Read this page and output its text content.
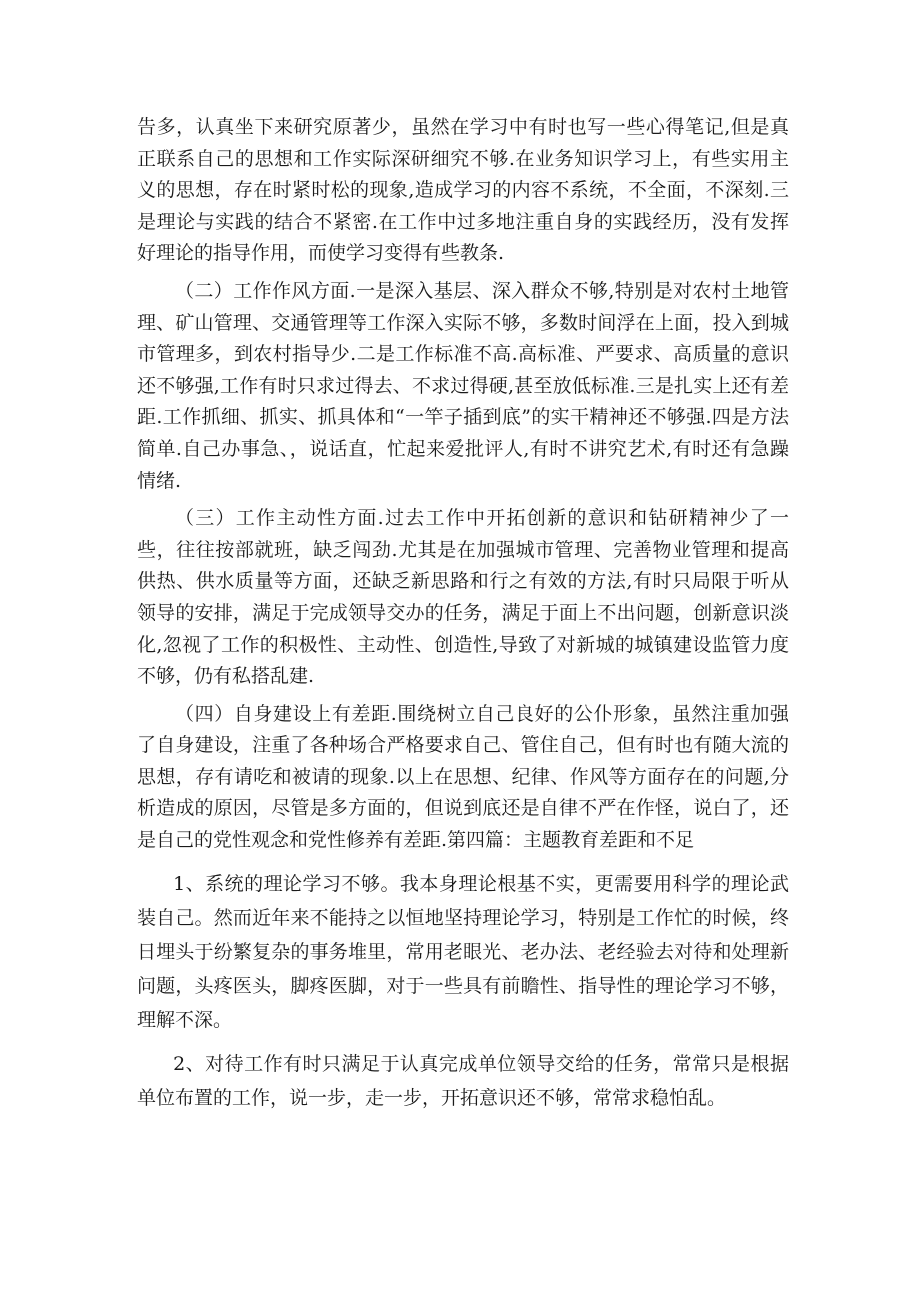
告多，认真坐下来研究原著少，虽然在学习中有时也写一些心得笔记,但是真正联系自己的思想和工作实际深研细究不够.在业务知识学习上，有些实用主义的思想，存在时紧时松的现象,造成学习的内容不系统，不全面，不深刻.三是理论与实践的结合不紧密.在工作中过多地注重自身的实践经历，没有发挥好理论的指导作用，而使学习变得有些教条.

（二）工作作风方面.一是深入基层、深入群众不够,特别是对农村土地管理、矿山管理、交通管理等工作深入实际不够，多数时间浮在上面，投入到城市管理多，到农村指导少.二是工作标准不高.高标准、严要求、高质量的意识还不够强,工作有时只求过得去、不求过得硬,甚至放低标准.三是扎实上还有差距.工作抓细、抓实、抓具体和“一竿子插到底”的实干精神还不够强.四是方法简单.自己办事急、，说话直，忙起来爱批评人,有时不讲究艺术,有时还有急躁情绪.

（三）工作主动性方面.过去工作中开拓创新的意识和钻研精神少了一些，往往按部就班，缺乏闯劲.尤其是在加强城市管理、完善物业管理和提高供热、供水质量等方面，还缺乏新思路和行之有效的方法,有时只局限于听从领导的安排，满足于完成领导交办的任务，满足于面上不出问题，创新意识淡化,忽视了工作的积极性、主动性、创造性,导致了对新城的城镇建设监管力度不够，仍有私搭乱建.

（四）自身建设上有差距.围绕树立自己良好的公仆形象，虽然注重加强了自身建设，注重了各种场合严格要求自己、管住自己，但有时也有随大流的思想，存有请吃和被请的现象.以上在思想、纪律、作风等方面存在的问题,分析造成的原因，尽管是多方面的，但说到底还是自律不严在作怪，说白了，还是自己的党性观念和党性修养有差距.第四篇：主题教育差距和不足

1、系统的理论学习不够。我本身理论根基不实，更需要用科学的理论武装自己。然而近年来不能持之以恒地坚持理论学习，特别是工作忙的时候，终日埋头于纷繁复杂的事务堆里，常用老眼光、老办法、老经验去对待和处理新问题，头疼医头，脚疼医脚，对于一些具有前瞻性、指导性的理论学习不够，理解不深。

2、对待工作有时只满足于认真完成单位领导交给的任务，常常只是根据单位布置的工作，说一步，走一步，开拓意识还不够，常常求稳怕乱。
